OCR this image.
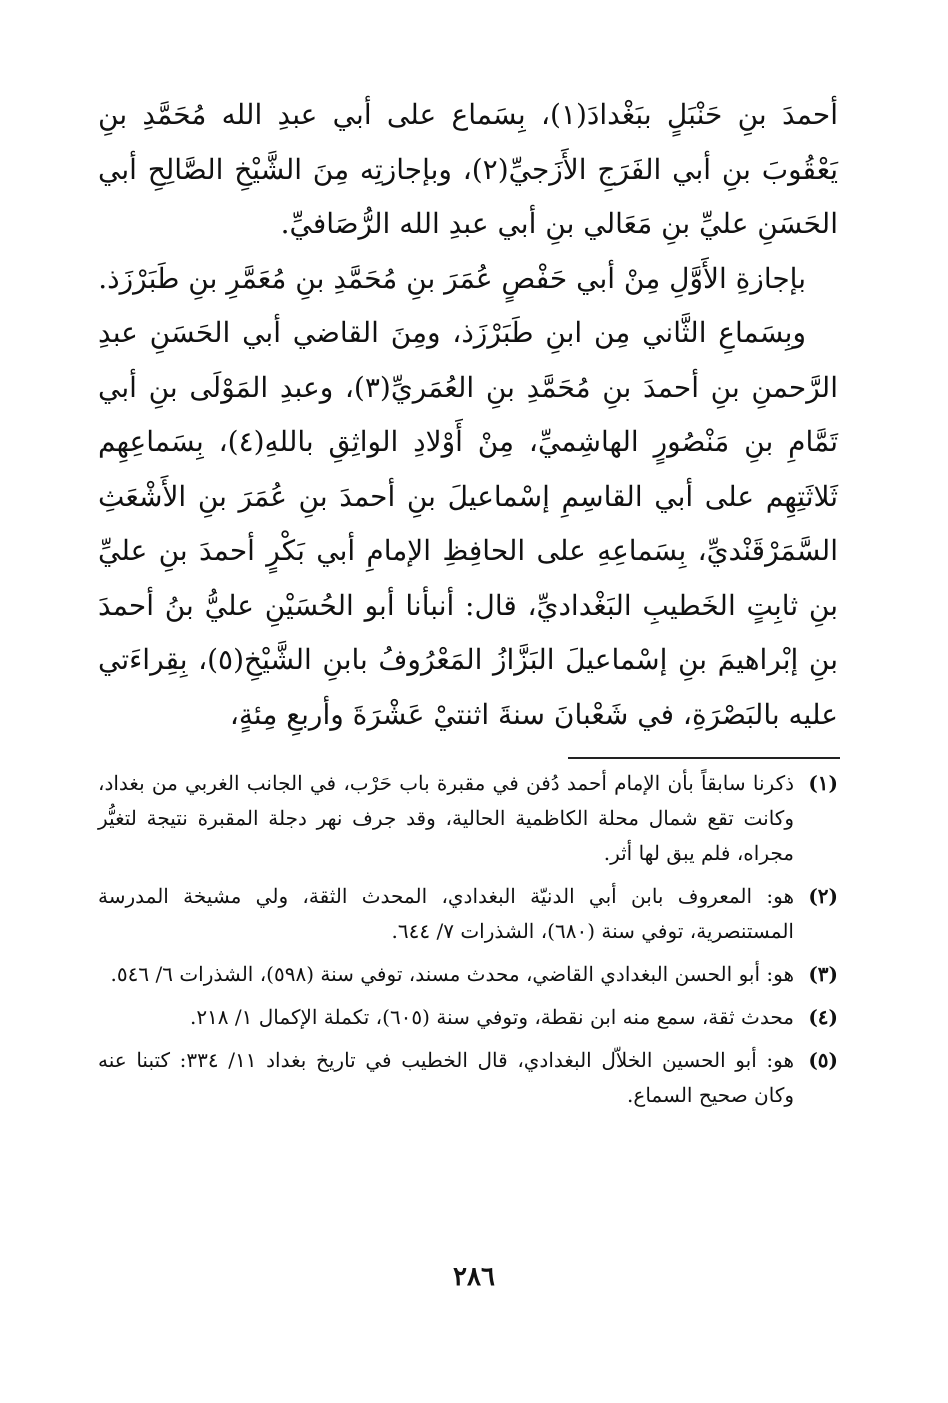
أحمدَ بنِ حَنْبَلٍ ببَغْدادَ(١)، بِسَماع على أبي عبدِ الله مُحَمَّدِ بنِ يَعْقُوبَ بنِ أبي الفَرَجِ الأَزَجيِّ(٢)، وبإجازتِه مِنَ الشَّيْخِ الصَّالِحِ أبي الحَسَنِ عليِّ بنِ مَعَالي بنِ أبي عبدِ الله الرُّصَافيِّ.

بإجازةِ الأَوَّلِ مِنْ أبي حَفْصٍ عُمَرَ بنِ مُحَمَّدِ بنِ مُعَمَّرِ بنِ طَبَرْزَذ.

وبِسَماعِ الثَّاني مِن ابنِ طَبَرْزَذ، ومِنَ القاضي أبي الحَسَنِ عبدِ الرَّحمنِ بنِ أحمدَ بنِ مُحَمَّدِ بنِ العُمَريِّ(٣)، وعبدِ المَوْلَى بنِ أبي تَمَّامِ بنِ مَنْصُورٍ الهاشِميِّ، مِنْ أَوْلادِ الواثِقِ باللهِ(٤)، بِسَماعِهِم ثَلاثَتِهِم على أبي القاسِمِ إسْماعيلَ بنِ أحمدَ بنِ عُمَرَ بنِ الأَشْعَثِ السَّمَرْقَنْديِّ، بِسَماعِهِ على الحافِظِ الإمامِ أبي بَكْرٍ أحمدَ بنِ عليِّ بنِ ثابِتٍ الخَطيبِ البَغْداديِّ، قال: أنبأنا أبو الحُسَيْنِ عليُّ بنُ أحمدَ بنِ إبْراهيمَ بنِ إسْماعيلَ البَزَّازُ المَعْرُوفُ بابنِ الشَّيْخِ(٥)، بِقِراءَتي عليه بالبَصْرَةِ، في شَعْبانَ سنةَ اثنتيْ عَشْرَةَ وأربعِ مِئةٍ،

(١)
ذكرنا سابقاً بأن الإمام أحمد دُفن في مقبرة باب حَرْب، في الجانب الغربي من بغداد، وكانت تقع شمال محلة الكاظمية الحالية، وقد جرف نهر دجلة المقبرة نتيجة لتغيُّر مجراه، فلم يبق لها أثر.
(٢)
هو: المعروف بابن أبي الدنيّة البغدادي، المحدث الثقة، ولي مشيخة المدرسة المستنصرية، توفي سنة (٦٨٠)، الشذرات ٧/ ٦٤٤.
(٣)
هو: أبو الحسن البغدادي القاضي، محدث مسند، توفي سنة (٥٩٨)، الشذرات ٦/ ٥٤٦.
(٤)
محدث ثقة، سمع منه ابن نقطة، وتوفي سنة (٦٠٥)، تكملة الإكمال ١/ ٢١٨.
(٥)
هو: أبو الحسين الخلاّل البغدادي، قال الخطيب في تاريخ بغداد ١١/ ٣٣٤: كتبنا عنه وكان صحيح السماع.
٢٨٦
